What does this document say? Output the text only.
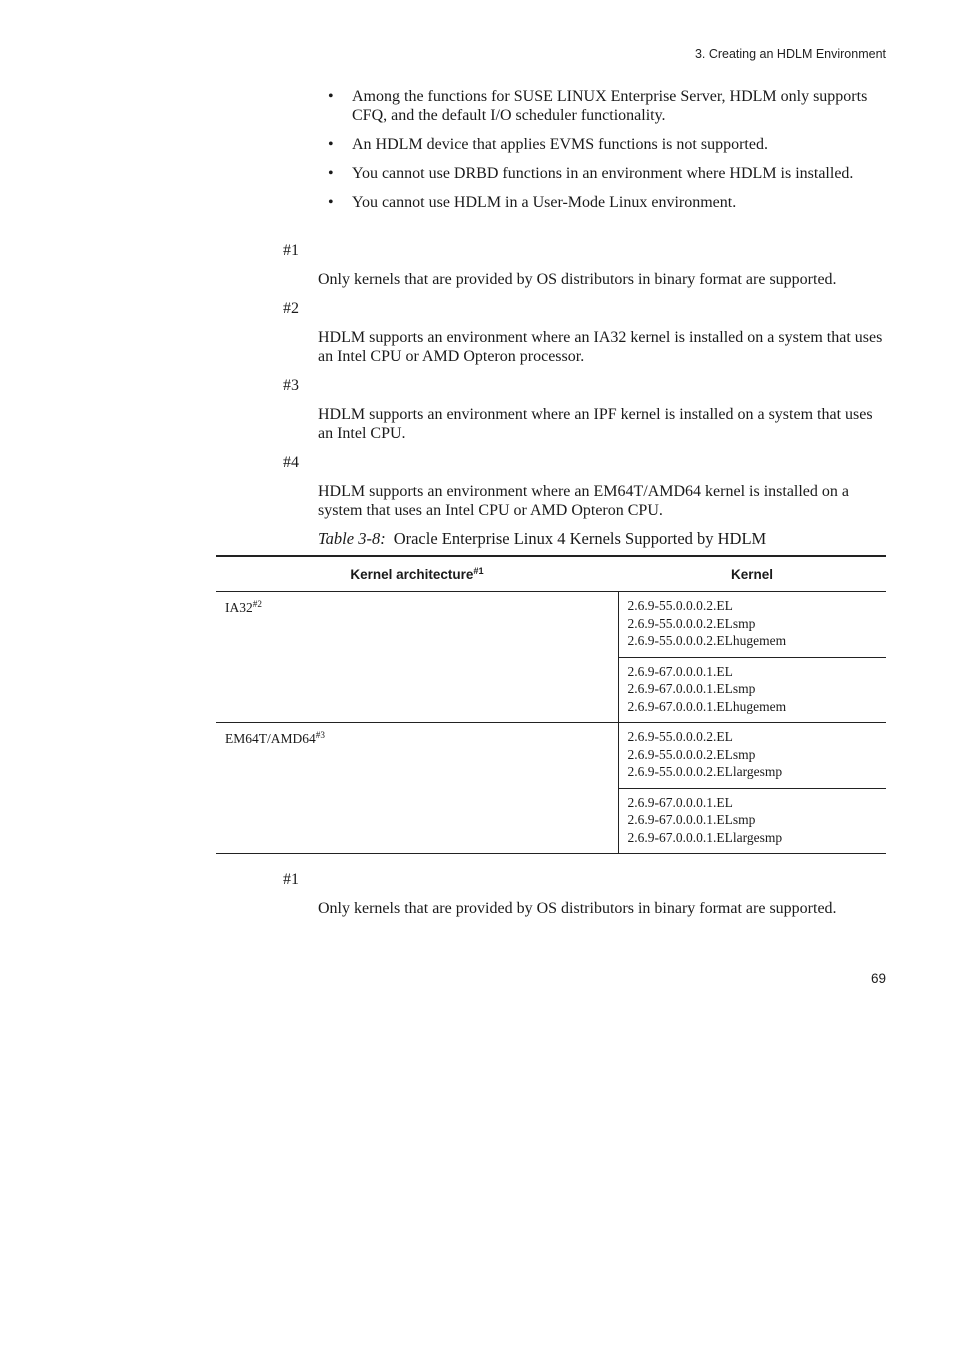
3. Creating an HDLM Environment
• Among the functions for SUSE LINUX Enterprise Server, HDLM only supports CFQ, and the default I/O scheduler functionality.
• An HDLM device that applies EVMS functions is not supported.
• You cannot use DRBD functions in an environment where HDLM is installed.
• You cannot use HDLM in a User-Mode Linux environment.
#1
Only kernels that are provided by OS distributors in binary format are supported.
#2
HDLM supports an environment where an IA32 kernel is installed on a system that uses an Intel CPU or AMD Opteron processor.
#3
HDLM supports an environment where an IPF kernel is installed on a system that uses an Intel CPU.
#4
HDLM supports an environment where an EM64T/AMD64 kernel is installed on a system that uses an Intel CPU or AMD Opteron CPU.
Table 3-8: Oracle Enterprise Linux 4 Kernels Supported by HDLM
Kernel architecture$^{\#1}$	Kernel
IA32$^{\#2}$	2.6.9-55.0.0.0.2.EL
2.6.9-55.0.0.0.2.ELsmp
2.6.9-55.0.0.0.2.ELhugemem

	2.6.9-67.0.0.0.1.EL
2.6.9-67.0.0.0.1.ELsmp
2.6.9-67.0.0.0.1.ELhugemem

EM64T/AMD64$^{\#3}$	2.6.9-55.0.0.0.2.EL
2.6.9-55.0.0.0.2.ELsmp
2.6.9-55.0.0.0.2.ELlargesmp

	2.6.9-67.0.0.0.1.EL
2.6.9-67.0.0.0.1.ELsmp
2.6.9-67.0.0.0.1.ELlargesmp
#1
Only kernels that are provided by OS distributors in binary format are supported.
69
